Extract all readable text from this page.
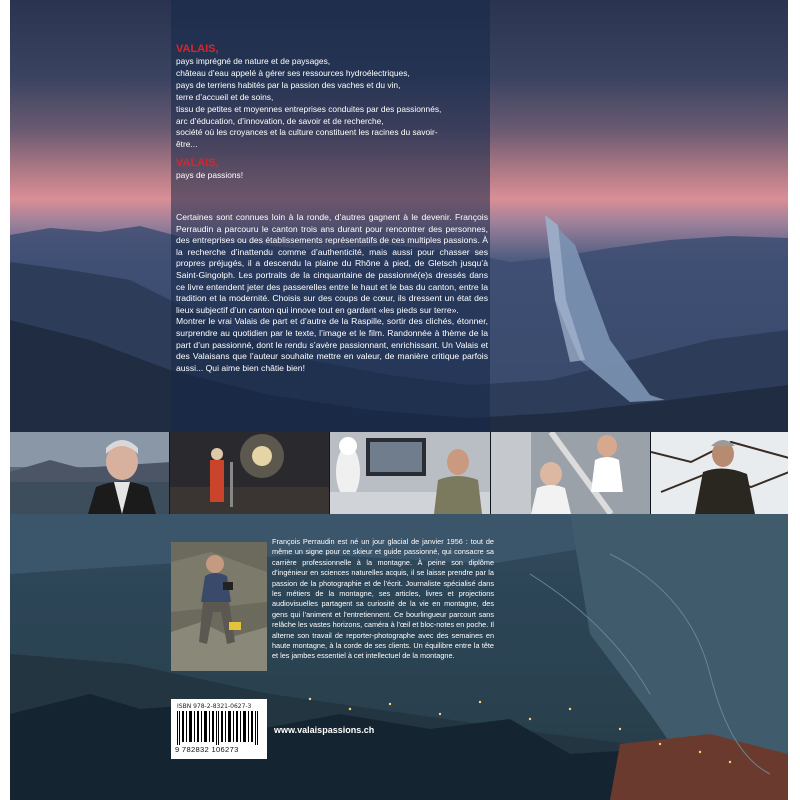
VALAIS,
pays imprégné de nature et de paysages,
château d’eau appelé à gérer ses ressources hydroélectriques,
pays de terriens habités par la passion des vaches et du vin,
terre d’accueil et de soins,
tissu de petites et moyennes entreprises conduites par des passionnés,
arc d’éducation, d’innovation, de savoir et de recherche,
société où les croyances et la culture constituent les racines du savoir-
être...
VALAIS,
pays de passions!

Certaines sont connues loin à la ronde, d’autres gagnent à le devenir. François Perraudin a parcouru le canton trois ans durant pour rencontrer des personnes, des entreprises ou des établissements représentatifs de ces multiples passions. À la recherche d’inattendu comme d’authenticité, mais aussi pour chasser ses propres préjugés, il a descendu la plaine du Rhône à pied, de Gletsch jusqu’à Saint-Gingolph. Les portraits de la cinquantaine de passionné(e)s dressés dans ce livre entendent jeter des passerelles entre le haut et le bas du canton, entre la tradition et la modernité. Choisis sur des coups de cœur, ils dressent un état des lieux subjectif d’un canton qui innove tout en gardant «les pieds sur terre».

Montrer le vrai Valais de part et d’autre de la Raspille, sortir des clichés, étonner, surprendre au quotidien par le texte, l’image et le film. Randonnée à thème de la part d’un passionné, dont le rendu s’avère passionnant, enrichissant. Un Valais et des Valaisans que l’auteur souhaite mettre en valeur, de manière critique parfois aussi... Qui aime bien châtie bien!

François Perraudin est né un jour glacial de janvier 1956 : tout de même un signe pour ce skieur et guide passionné, qui consacre sa carrière professionnelle à la montagne. À peine son diplôme d’ingénieur en sciences naturelles acquis, il se laisse prendre par la passion de la photographie et de l’écrit. Journaliste spécialisé dans les métiers de la montagne, ses articles, livres et projections audiovisuelles partagent sa curiosité de la vie en montagne, des gens qui l’animent et l’entretiennent. Ce bourlingueur parcourt sans relâche les vastes horizons, caméra à l’œil et bloc-notes en poche. Il alterne son travail de reporter-photographe avec des semaines en haute montagne, à la corde de ses clients. Un équilibre entre la tête et les jambes essentiel à cet intellectuel de la montagne.
ISBN 978-2-8321-0627-3
9 782832 106273
www.valaispassions.ch
